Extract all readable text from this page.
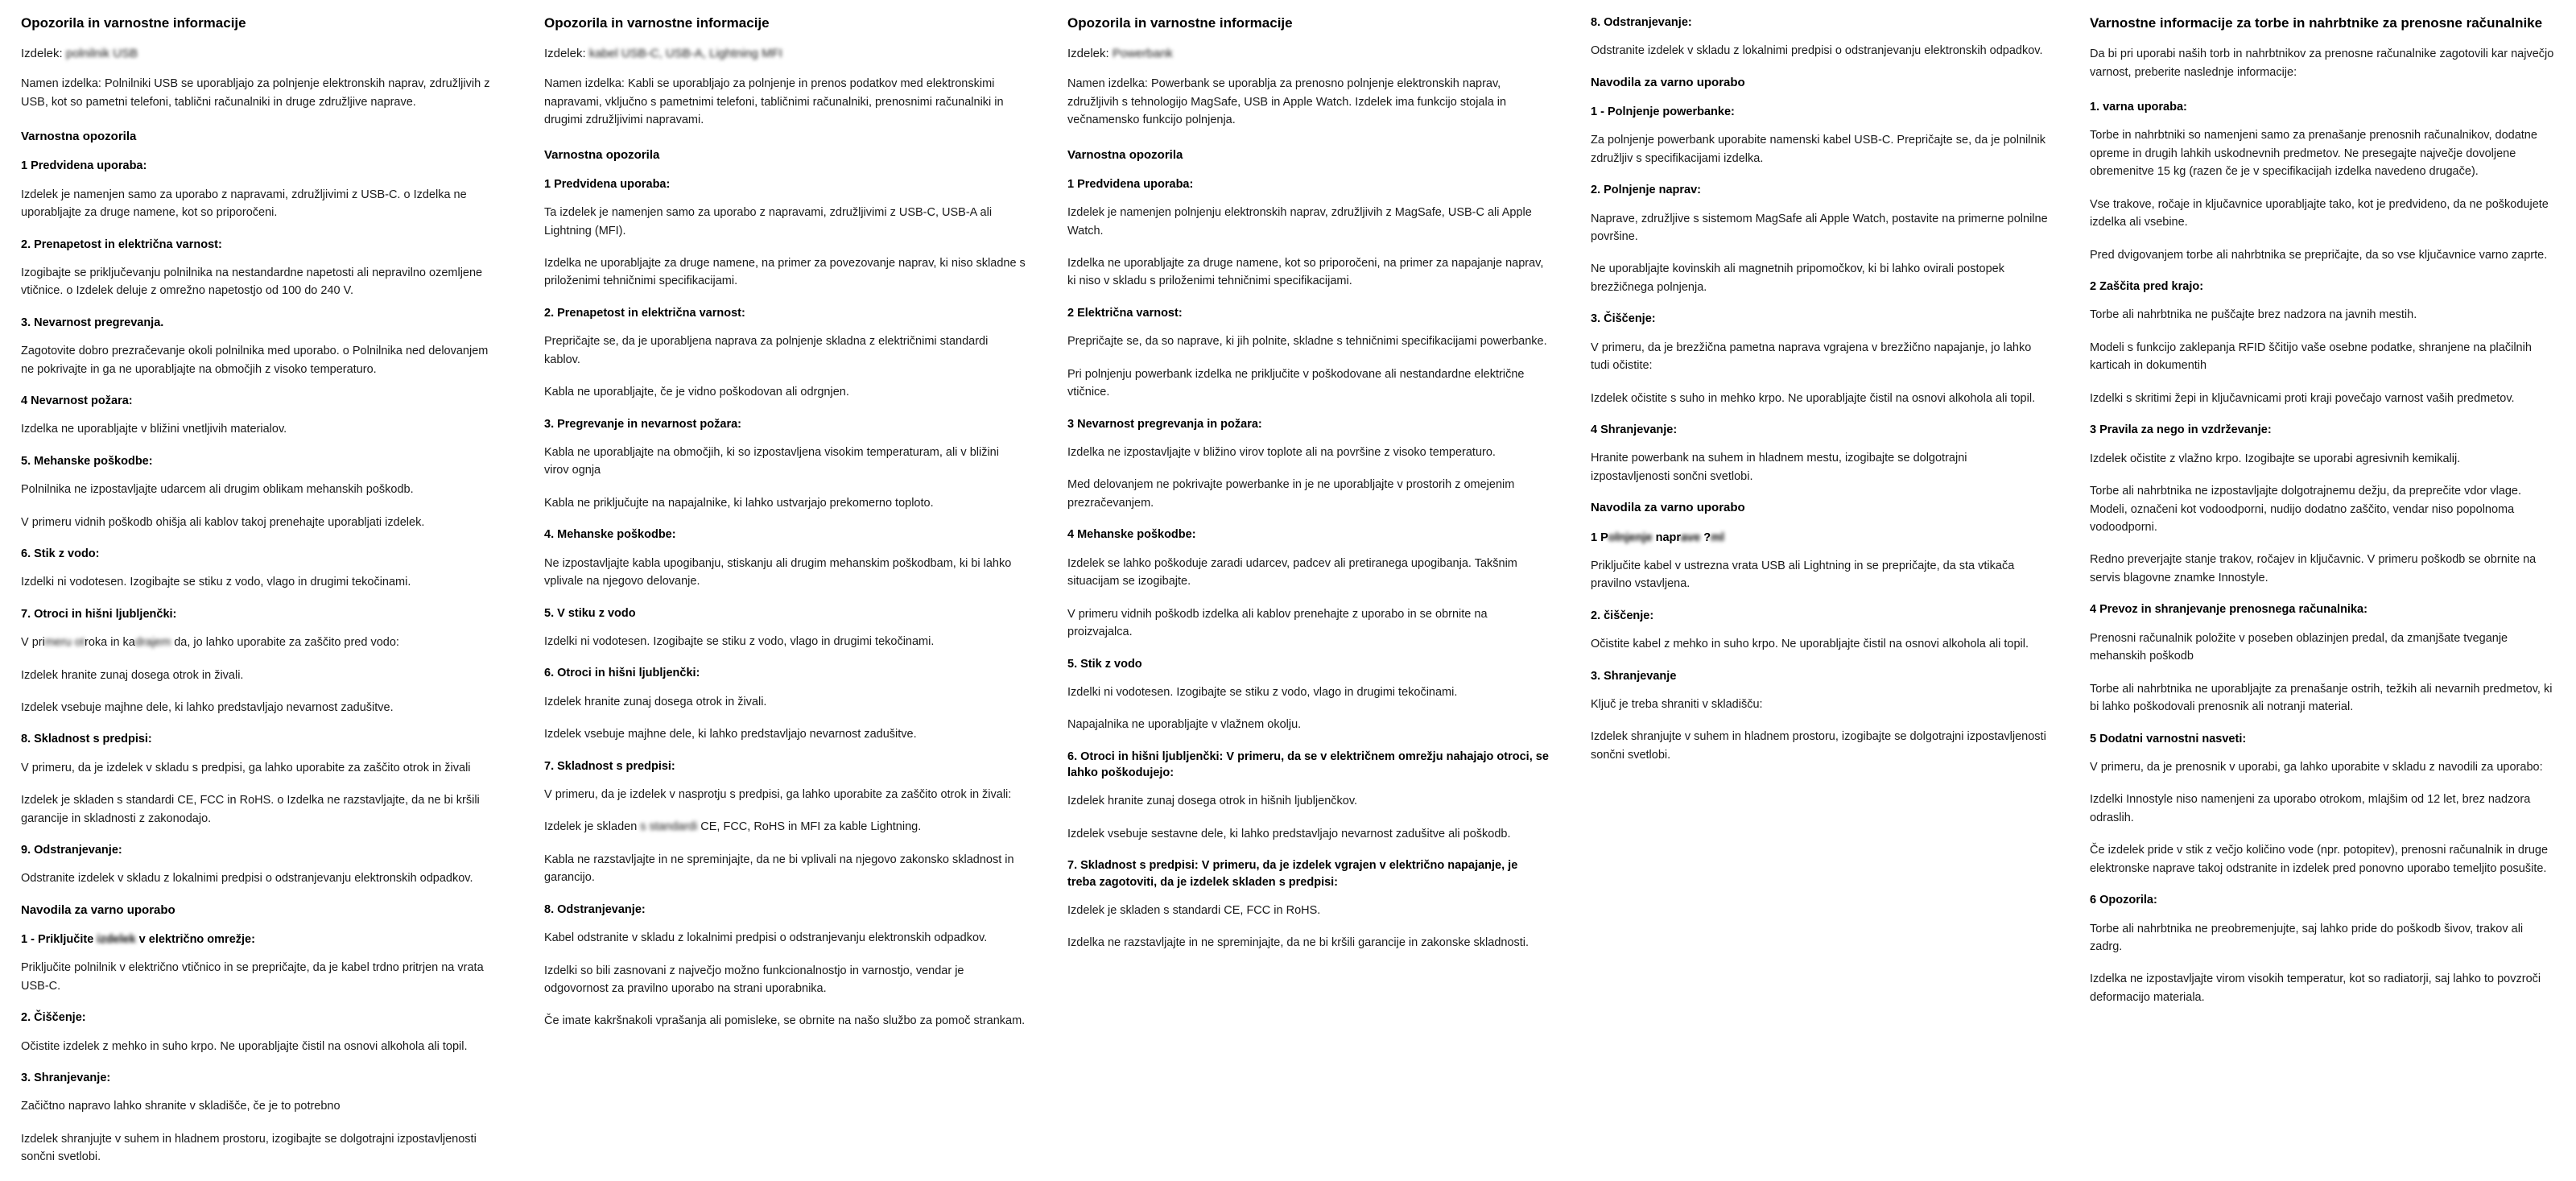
Opozorila in varnostne informacije
Izdelek: polnilnik USB

Namen izdelka: Polnilniki USB se uporabljajo za polnjenje elektronskih naprav, združljivih z USB, kot so pametni telefoni, tablični računalniki in druge združljive naprave.

Varnostna opozorila
1 Predvidena uporaba:

Izdelek je namenjen samo za uporabo z napravami, združljivimi z USB-C. o Izdelka ne uporabljajte za druge namene, kot so priporočeni.

2. Prenapetost in električna varnost:

Izogibajte se priključevanju polnilnika na nestandardne napetosti ali nepravilno ozemljene vtičnice. o Izdelek deluje z omrežno napetostjo od 100 do 240 V.

3. Nevarnost pregrevanja.

Zagotovite dobro prezračevanje okoli polnilnika med uporabo. o Polnilnika ned delovanjem ne pokrivajte in ga ne uporabljajte na območjih z visoko temperaturo.

4 Nevarnost požara:

Izdelka ne uporabljajte v bližini vnetljivih materialov.

5. Mehanske poškodbe:

Polnilnika ne izpostavljajte udarcem ali drugim oblikam mehanskih poškodb.

V primeru vidnih poškodb ohišja ali kablov takoj prenehajte uporabljati izdelek.

6. Stik z vodo:

Izdelki ni vodotesen. Izogibajte se stiku z vodo, vlago in drugimi tekočinami.

7. Otroci in hišni ljubljenčki:

V primeru otroka in kadrajem da, jo lahko uporabite za zaščito pred vodo:

Izdelek hranite zunaj dosega otrok in živali.

Izdelek vsebuje majhne dele, ki lahko predstavljajo nevarnost zadušitve.

8. Skladnost s predpisi:

V primeru, da je izdelek v skladu s predpisi, ga lahko uporabite za zaščito otrok in živali

Izdelek je skladen s standardi CE, FCC in RoHS. o Izdelka ne razstavljajte, da ne bi kršili garancije in skladnosti z zakonodajo.

9. Odstranjevanje:

Odstranite izdelek v skladu z lokalnimi predpisi o odstranjevanju elektronskih odpadkov.

Navodila za varno uporabo
1 - Priključite izdelek v električno omrežje:

Priključite polnilnik v električno vtičnico in se prepričajte, da je kabel trdno pritrjen na vrata USB-C.

2. Čiščenje:

Očistite izdelek z mehko in suho krpo. Ne uporabljajte čistil na osnovi alkohola ali topil.

3. Shranjevanje:

Začičtno napravo lahko shranite v skladišče, če je to potrebno

Izdelek shranjujte v suhem in hladnem prostoru, izogibajte se dolgotrajni izpostavljenosti sončni svetlobi.

Opozorila in varnostne informacije
Izdelek: kabel USB-C, USB-A, Lightning MFI

Namen izdelka: Kabli se uporabljajo za polnjenje in prenos podatkov med elektronskimi napravami, vključno s pametnimi telefoni, tabličnimi računalniki, prenosnimi računalniki in drugimi združljivimi napravami.

Varnostna opozorila
1 Predvidena uporaba:

Ta izdelek je namenjen samo za uporabo z napravami, združljivimi z USB-C, USB-A ali Lightning (MFI).

Izdelka ne uporabljajte za druge namene, na primer za povezovanje naprav, ki niso skladne s priloženimi tehničnimi specifikacijami.

2. Prenapetost in električna varnost:

Prepričajte se, da je uporabljena naprava za polnjenje skladna z električnimi standardi kablov.

Kabla ne uporabljajte, če je vidno poškodovan ali odrgnjen.

3. Pregrevanje in nevarnost požara:

Kabla ne uporabljajte na območjih, ki so izpostavljena visokim temperaturam, ali v bližini virov ognja

Kabla ne priključujte na napajalnike, ki lahko ustvarjajo prekomerno toploto.

4. Mehanske poškodbe:

Ne izpostavljajte kabla upogibanju, stiskanju ali drugim mehanskim poškodbam, ki bi lahko vplivale na njegovo delovanje.

5. V stiku z vodo

Izdelki ni vodotesen. Izogibajte se stiku z vodo, vlago in drugimi tekočinami.

6. Otroci in hišni ljubljenčki:

Izdelek hranite zunaj dosega otrok in živali.

Izdelek vsebuje majhne dele, ki lahko predstavljajo nevarnost zadušitve.

7. Skladnost s predpisi:

V primeru, da je izdelek v nasprotju s predpisi, ga lahko uporabite za zaščito otrok in živali:

Izdelek je skladen s standardi CE, FCC, RoHS in MFI za kable Lightning.

Kabla ne razstavljajte in ne spreminjajte, da ne bi vplivali na njegovo zakonsko skladnost in garancijo.

8. Odstranjevanje:

Kabel odstranite v skladu z lokalnimi predpisi o odstranjevanju elektronskih odpadkov.

Izdelki so bili zasnovani z največjo možno funkcionalnostjo in varnostjo, vendar je odgovornost za pravilno uporabo na strani uporabnika.

Če imate kakršnakoli vprašanja ali pomislekе, se obrnite na našo službo za pomoč strankam.

Opozorila in varnostne informacije
Izdelek: Powerbank

Namen izdelka: Powerbank se uporablja za prenosno polnjenje elektronskih naprav, združljivih s tehnologijo MagSafe, USB in Apple Watch. Izdelek ima funkcijo stojala in večnamensko funkcijo polnjenja.

Varnostna opozorila
1 Predvidena uporaba:

Izdelek je namenjen polnjenju elektronskih naprav, združljivih z MagSafe, USB-C ali Apple Watch.

Izdelka ne uporabljajte za druge namene, kot so priporočeni, na primer za napajanje naprav, ki niso v skladu s priloženimi tehničnimi specifikacijami.

2 Električna varnost:

Prepričajte se, da so naprave, ki jih polnite, skladne s tehničnimi specifikacijami powerbanke.

Pri polnjenju powerbank izdelka ne priključite v poškodovane ali nestandardne električne vtičnice.

3 Nevarnost pregrevanja in požara:

Izdelka ne izpostavljajte v bližino virov toplote ali na površine z visoko temperaturo.

Med delovanjem ne pokrivajte powerbanke in je ne uporabljajte v prostorih z omejenim prezračevanjem.

4 Mehanske poškodbe:

Izdelek se lahko poškoduje zaradi udarcev, padcev ali pretiranega upogibanja. Takšnim situacijam se izogibajte.

V primeru vidnih poškodb izdelka ali kablov prenehajte z uporabo in se obrnite na proizvajalca.

5. Stik z vodo

Izdelki ni vodotesen. Izogibajte se stiku z vodo, vlago in drugimi tekočinami.

Napajalnika ne uporabljajte v vlažnem okolju.

6. Otroci in hišni ljubljenčki: V primeru, da se v električnem omrežju nahajajo otroci, se lahko poškodujejo:

Izdelek hranite zunaj dosega otrok in hišnih ljubljenčkov.

Izdelek vsebuje sestavne dele, ki lahko predstavljajo nevarnost zadušitve ali poškodb.

7. Skladnost s predpisi: V primeru, da je izdelek vgrajen v električno napajanje, je treba zagotoviti, da je izdelek skladen s predpisi:

Izdelek je skladen s standardi CE, FCC in RoHS.

Izdelka ne razstavljajte in ne spreminjajte, da ne bi kršili garancije in zakonske skladnosti.

8. Odstranjevanje:

Odstranite izdelek v skladu z lokalnimi predpisi o odstranjevanju elektronskih odpadkov.

Navodila za varno uporabo
1 - Polnjenje powerbanke:

Za polnjenje powerbank uporabite namenski kabel USB-C. Prepričajte se, da je polnilnik združljiv s specifikacijami izdelka.

2. Polnjenje naprav:

Naprave, združljive s sistemom MagSafe ali Apple Watch, postavite na primerne polnilne površine.

Ne uporabljajte kovinskih ali magnetnih pripomočkov, ki bi lahko ovirali postopek brezžičnega polnjenja.

3. Čiščenje:

V primeru, da je brezžična pametna naprava vgrajena v brezžično napajanje, jo lahko tudi očistite:

Izdelek očistite s suho in mehko krpo. Ne uporabljajte čistil na osnovi alkohola ali topil.

4 Shranjevanje:

Hranite powerbank na suhem in hladnem mestu, izogibajte se dolgotrajni izpostavljenosti sončni svetlobi.

Navodila za varno uporabo
1 Polnjenje naprave ?ml

Priključite kabel v ustrezna vrata USB ali Lightning in se prepričajte, da sta vtikača pravilno vstavljena.

2. čiščenje:

Očistite kabel z mehko in suho krpo. Ne uporabljajte čistil na osnovi alkohola ali topil.

3. Shranjevanje

Ključ je treba shraniti v skladišču:

Izdelek shranjujte v suhem in hladnem prostoru, izogibajte se dolgotrajni izpostavljenosti sončni svetlobi.

Varnostne informacije za torbe in nahrbtnike za prenosne računalnike

Da bi pri uporabi naših torb in nahrbtnikov za prenosne računalnike zagotovili kar največjo varnost, preberite naslednje informacije:

1. varna uporaba:

Torbe in nahrbtniki so namenjeni samo za prenašanje prenosnih računalnikov, dodatne opreme in drugih lahkih uskodnevnih predmetov. Ne presegajte največje dovoljene obremenitve 15 kg (razen če je v specifikacijah izdelka navedeno drugače).

Vse trakove, ročaje in ključavnice uporabljajte tako, kot je predvideno, da ne poškodujete izdelka ali vsebine.

Pred dvigovanjem torbe ali nahrbtnika se prepričajte, da so vse ključavnice varno zaprte.

2 Zaščita pred krajo:

Torbe ali nahrbtnika ne puščajte brez nadzora na javnih mestih.

Modeli s funkcijo zaklepanja RFID ščitijo vaše osebne podatke, shranjene na plačilnih karticah in dokumentih

Izdelki s skritimi žepi in ključavnicami proti kraji povečajo varnost vaših predmetov.

3 Pravila za nego in vzdrževanje:

Izdelek očistite z vlažno krpo. Izogibajte se uporabi agresivnih kemikalij.

Torbe ali nahrbtnika ne izpostavljajte dolgotrajnemu dežju, da preprečite vdor vlage. Modeli, označeni kot vodoodporni, nudijo dodatno zaščito, vendar niso popolnoma vodoodporni.

Redno preverjajte stanje trakov, ročajev in ključavnic. V primeru poškodb se obrnite na servis blagovne znamke Innostyle.

4 Prevoz in shranjevanje prenosnega računalnika:

Prenosni računalnik položite v poseben oblazinjen predal, da zmanjšate tveganje mehanskih poškodb

Torbe ali nahrbtnika ne uporabljajte za prenašanje ostrih, težkih ali nevarnih predmetov, ki bi lahko poškodovali prenosnik ali notranji material.

5 Dodatni varnostni nasveti:

V primeru, da je prenosnik v uporabi, ga lahko uporabite v skladu z navodili za uporabo:

Izdelki Innostyle niso namenjeni za uporabo otrokom, mlajšim od 12 let, brez nadzora odraslih.

Če izdelek pride v stik z večjo količino vode (npr. potopitev), prenosni računalnik in druge elektronske naprave takoj odstranite in izdelek pred ponovno uporabo temeljito posušite.

6 Opozorila:

Torbe ali nahrbtnika ne preobremenjujte, saj lahko pride do poškodb šivov, trakov ali zadrg.

Izdelka ne izpostavljajte virom visokih temperatur, kot so radiatorji, saj lahko to povzroči deformacijo materiala.
